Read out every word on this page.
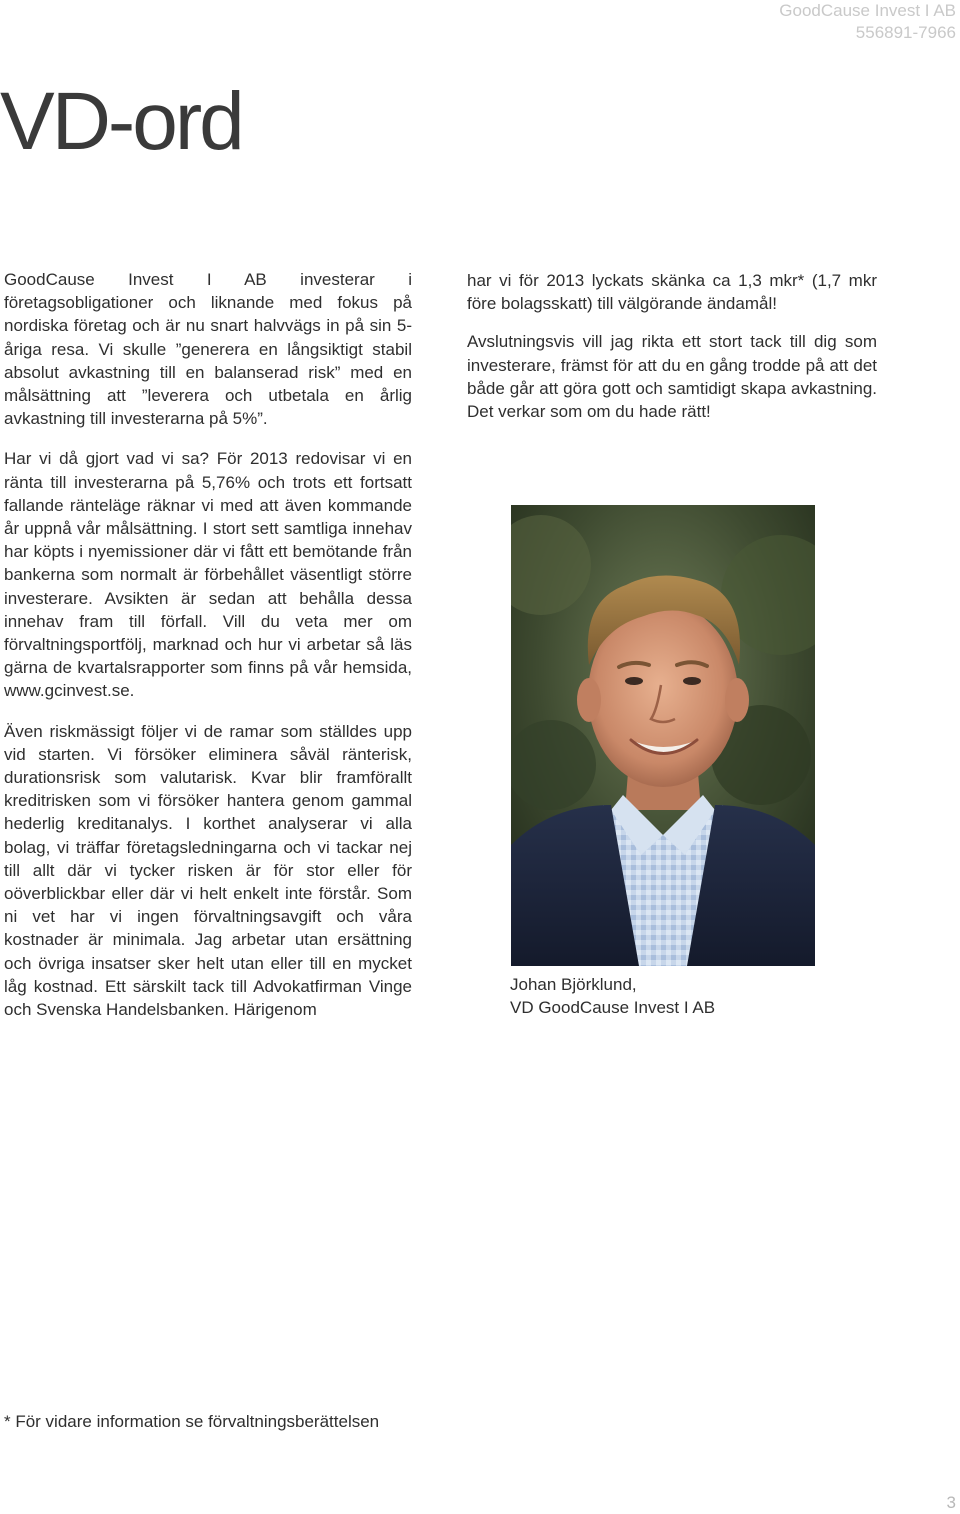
GoodCause Invest I AB
556891-7966
VD-ord

GoodCause Invest I AB investerar i företagsobligationer och liknande med fokus på nordiska företag och är nu snart halvvägs in på sin 5-åriga resa. Vi skulle ”generera en långsiktigt stabil absolut avkastning till en balanserad risk” med en målsättning att ”leverera och utbetala en årlig avkastning till investerarna på 5%”.

Har vi då gjort vad vi sa? För 2013 redovisar vi en ränta till investerarna på 5,76% och trots ett fortsatt fallande ränteläge räknar vi med att även kommande år uppnå vår målsättning. I stort sett samtliga innehav har köpts i nyemissioner där vi fått ett bemötande från bankerna som normalt är förbehållet väsentligt större investerare. Avsikten är sedan att behålla dessa innehav fram till förfall. Vill du veta mer om förvaltningsportfölj, marknad och hur vi arbetar så läs gärna de kvartalsrapporter som finns på vår hemsida, www.gcinvest.se.

Även riskmässigt följer vi de ramar som ställdes upp vid starten. Vi försöker eliminera såväl ränterisk, durationsrisk som valutarisk. Kvar blir framförallt kreditrisken som vi försöker hantera genom gammal hederlig kreditanalys. I korthet analyserar vi alla bolag, vi träffar företagsledningarna och vi tackar nej till allt där vi tycker risken är för stor eller för oöverblickbar eller där vi helt enkelt inte förstår. Som ni vet har vi ingen förvaltningsavgift och våra kostnader är minimala. Jag arbetar utan ersättning och övriga insatser sker helt utan eller till en mycket låg kostnad. Ett särskilt tack till Advokatfirman Vinge och Svenska Handelsbanken. Härigenom

har vi för 2013 lyckats skänka ca 1,3 mkr* (1,7 mkr före bolagsskatt) till välgörande ändamål!

Avslutningsvis vill jag rikta ett stort tack till dig som investerare, främst för att du en gång trodde på att det både går att göra gott och samtidigt skapa avkastning. Det verkar som om du hade rätt!

Johan Björklund,
VD GoodCause Invest I AB
* För vidare information se förvaltningsberättelsen
3
